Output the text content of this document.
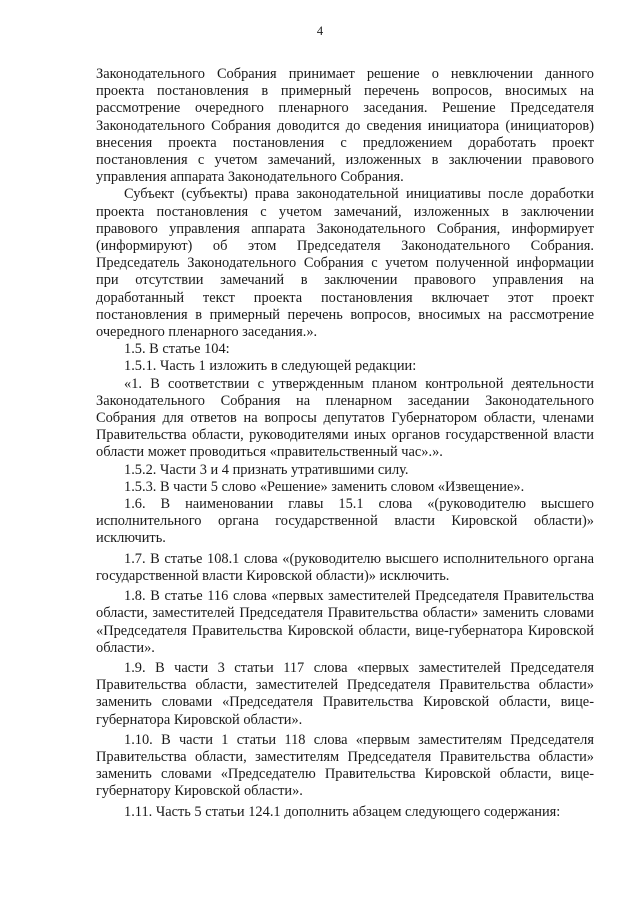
4

Законодательного Собрания принимает решение о невключении данного проекта постановления в примерный перечень вопросов, вносимых на рассмотрение очередного пленарного заседания. Решение Председателя Законодательного Собрания доводится до сведения инициатора (инициаторов) внесения проекта постановления с предложением доработать проект постановления с учетом замечаний, изложенных в заключении правового управления аппарата Законодательного Собрания.

Субъект (субъекты) права законодательной инициативы после доработки проекта постановления с учетом замечаний, изложенных в заключении правового управления аппарата Законодательного Собрания, информирует (информируют) об этом Председателя Законодательного Собрания. Председатель Законодательного Собрания с учетом полученной информации при отсутствии замечаний в заключении правового управления на доработанный текст проекта постановления включает этот проект постановления в примерный перечень вопросов, вносимых на рассмотрение очередного пленарного заседания.».

1.5. В статье 104:

1.5.1. Часть 1 изложить в следующей редакции:

«1. В соответствии с утвержденным планом контрольной деятельности Законодательного Собрания на пленарном заседании Законодательного Собрания для ответов на вопросы депутатов Губернатором области, членами Правительства области, руководителями иных органов государственной власти области может проводиться «правительственный час».».

1.5.2. Части 3 и 4 признать утратившими силу.

1.5.3. В части 5 слово «Решение» заменить словом «Извещение».

1.6. В наименовании главы 15.1 слова «(руководителю высшего исполнительного органа государственной власти Кировской области)» исключить.

1.7. В статье 108.1 слова «(руководителю высшего исполнительного органа государственной власти Кировской области)» исключить.

1.8. В статье 116 слова «первых заместителей Председателя Правительства области, заместителей Председателя Правительства области» заменить словами «Председателя Правительства Кировской области, вице-губернатора Кировской области».

1.9. В части 3 статьи 117 слова «первых заместителей Председателя Правительства области, заместителей Председателя Правительства области» заменить словами «Председателя Правительства Кировской области, вице-губернатора Кировской области».

1.10. В части 1 статьи 118 слова «первым заместителям Председателя Правительства области, заместителям Председателя Правительства области» заменить словами «Председателю Правительства Кировской области, вице-губернатору Кировской области».

1.11. Часть 5 статьи 124.1 дополнить абзацем следующего содержания:
